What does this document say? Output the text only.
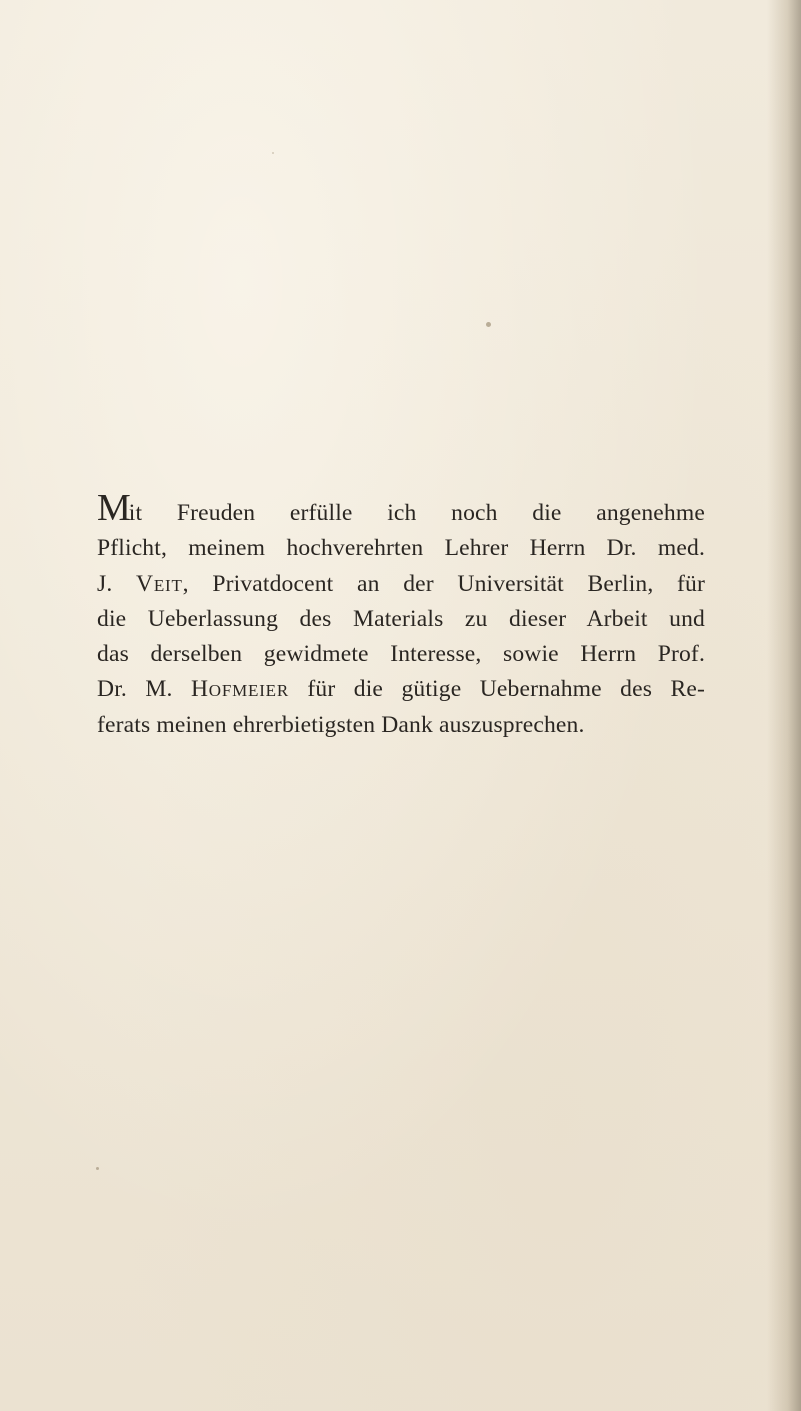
Mit Freuden erfülle ich noch die angenehme
Pflicht, meinem hochverehrten Lehrer Herrn Dr. med.
J. Veit, Privatdocent an der Universität Berlin, für
die Ueberlassung des Materials zu dieser Arbeit und
das derselben gewidmete Interesse, sowie Herrn Prof.
Dr. M. Hofmeier für die gütige Uebernahme des Re-
ferats meinen ehrerbietigsten Dank auszusprechen.
